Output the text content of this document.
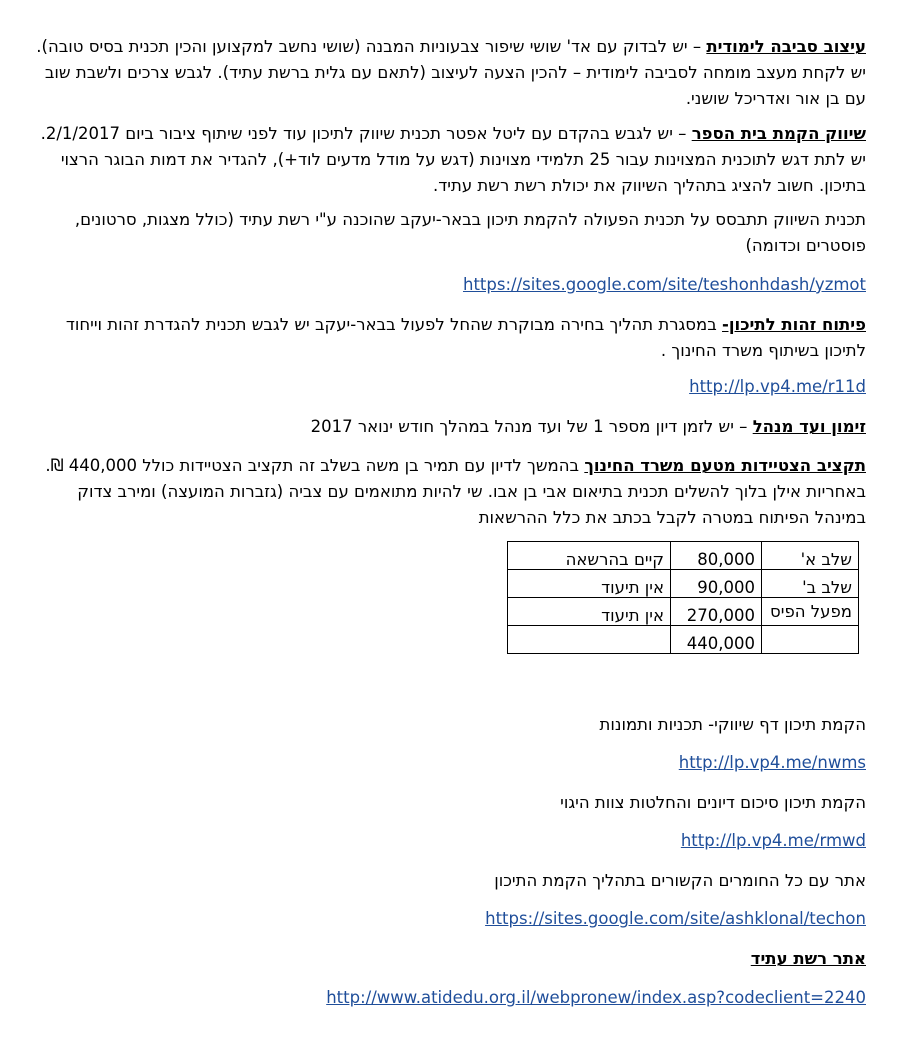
עיצוב סביבה לימודית – יש לבדוק עם אד' שושי שיפור צבעוניות המבנה (שושי נחשב למקצוען והכין תכנית בסיס טובה). יש לקחת מעצב מומחה לסביבה לימודית – להכין הצעה לעיצוב (לתאם עם גלית ברשת עתיד). לגבש צרכים ולשבת שוב עם בן אור ואדריכל שושני.

שיווק הקמת בית הספר – יש לגבש בהקדם עם ליטל אפטר תכנית שיווק לתיכון עוד לפני שיתוף ציבור ביום 2/1/2017. יש לתת דגש לתוכנית המצוינות עבור 25 תלמידי מצוינות (דגש על מודל מדעים לוד+), להגדיר את דמות הבוגר הרצוי בתיכון. חשוב להציג בתהליך השיווק את יכולת רשת רשת עתיד.

תכנית השיווק תתבסס על תכנית הפעולה להקמת תיכון בבאר-יעקב שהוכנה ע"י רשת עתיד (כולל מצגות, סרטונים, פוסטרים וכדומה)

https://sites.google.com/site/teshonhdash/yzmot

פיתוח זהות לתיכון- במסגרת תהליך בחירה מבוקרת שהחל לפעול בבאר-יעקב יש לגבש תכנית להגדרת זהות וייחוד לתיכון בשיתוף משרד החינוך .

http://lp.vp4.me/r11d

זימון ועד מנהל – יש לזמן דיון מספר 1 של ועד מנהל במהלך חודש ינואר 2017

תקציב הצטיידות מטעם משרד החינוך בהמשך לדיון עם תמיר בן משה בשלב זה תקציב הצטיידות כולל 440,000 ₪. באחריות אילן בלוך להשלים תכנית בתיאום אבי בן אבו. שי להיות מתואמים עם צביה (גזברות המועצה) ומירב צדוק במינהל הפיתוח במטרה לקבל בכתב את כלל ההרשאות

שלב א'	80,000	קיים בהרשאה
שלב ב'	90,000	אין תיעוד
מפעל הפיס	270,000	אין תיעוד
	440,000	
הקמת תיכון דף שיווקי- תכניות ותמונות
http://lp.vp4.me/nwms
הקמת תיכון סיכום דיונים והחלטות צוות היגוי
http://lp.vp4.me/rmwd
אתר עם כל החומרים הקשורים בתהליך הקמת התיכון
https://sites.google.com/site/ashklonal/techon
אתר רשת עתיד
http://www.atidedu.org.il/webpronew/index.asp?codeclient=2240
